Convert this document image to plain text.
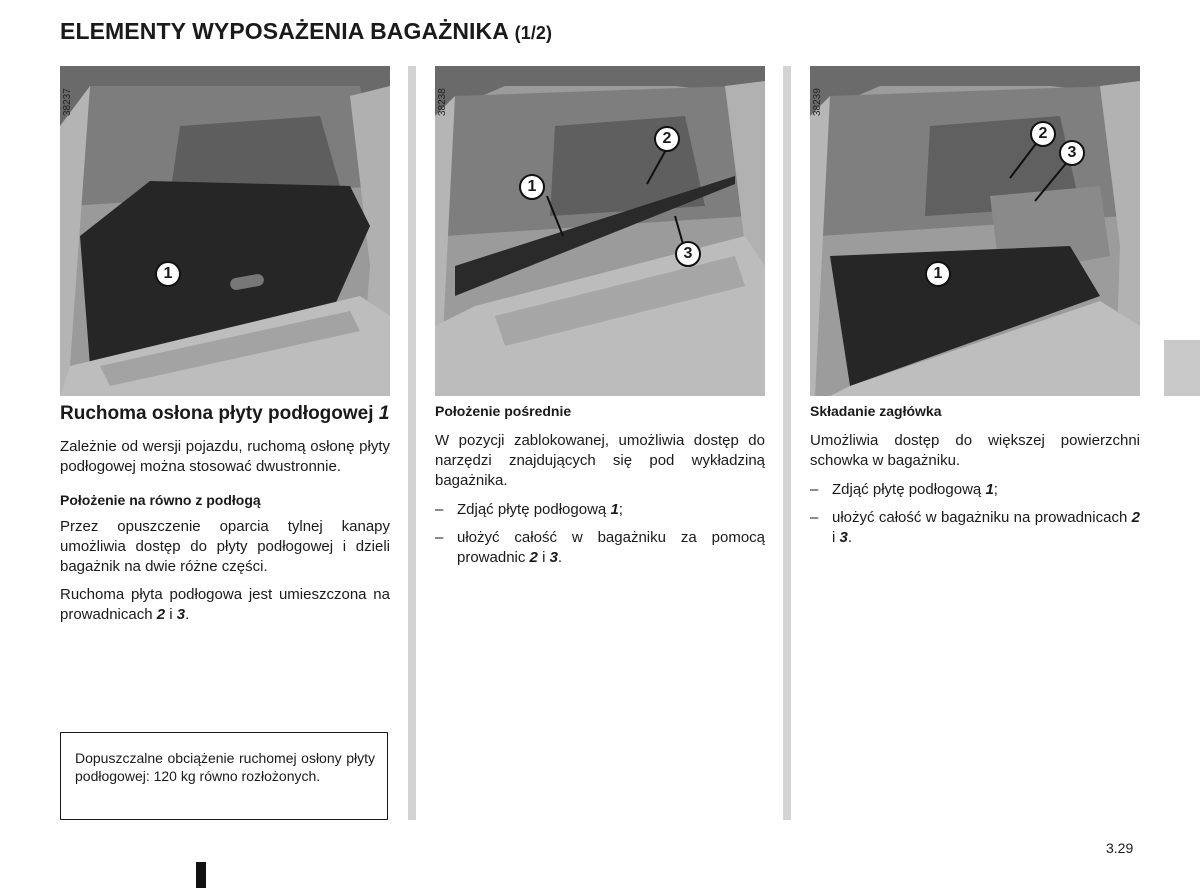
ELEMENTY WYPOSAŻENIA BAGAŻNIKA (1/2)
38237
1
38238
1
2
3
38239
1
2
3
Ruchoma osłona płyty podłogowej 1
Zależnie od wersji pojazdu, ruchomą osłonę płyty podłogowej można stosować dwustronnie.
Położenie na równo z podłogą
Przez opuszczenie oparcia tylnej kanapy umożliwia dostęp do płyty podłogowej i dzieli bagażnik na dwie różne części.
Ruchoma płyta podłogowa jest umieszczona na prowadnicach 2 i 3.
Dopuszczalne obciążenie ruchomej osłony płyty podłogowej: 120 kg równo rozłożonych.
Położenie pośrednie
W pozycji zablokowanej, umożliwia dostęp do narzędzi znajdujących się pod wykładziną bagażnika.
– Zdjąć płytę podłogową 1;
– ułożyć całość w bagażniku za pomocą prowadnic 2 i 3.
Składanie zagłówka
Umożliwia dostęp do większej powierzchni schowka w bagażniku.
– Zdjąć płytę podłogową 1;
– ułożyć całość w bagażniku na prowadnicach 2 i 3.
3.29
